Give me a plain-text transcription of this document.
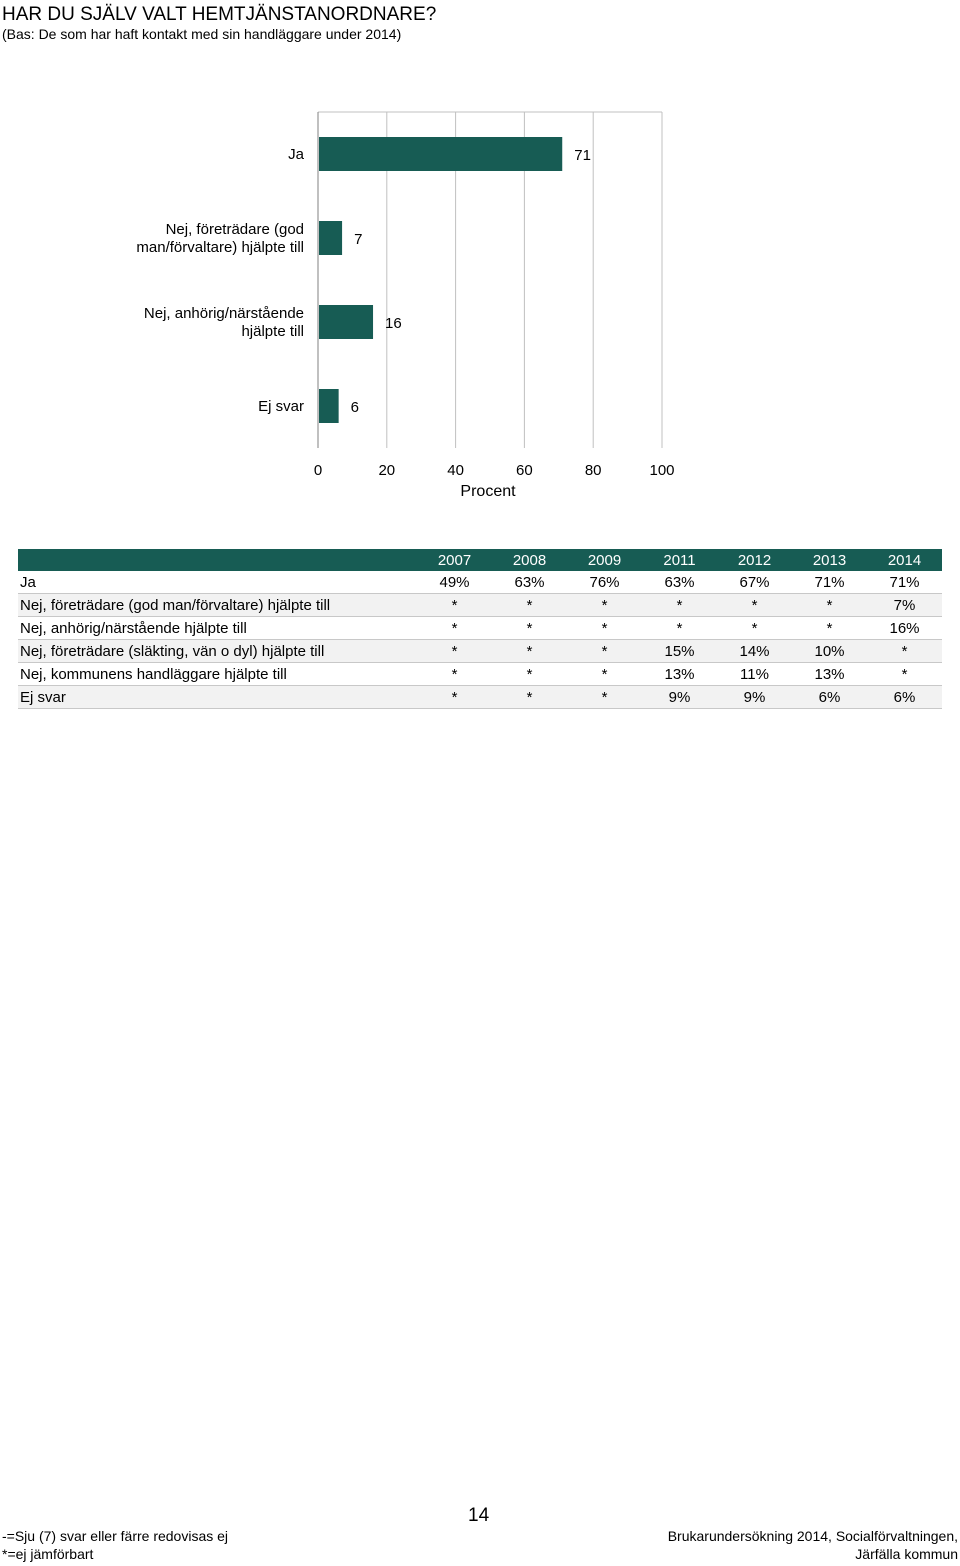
HAR DU SJÄLV VALT HEMTJÄNSTANORDNARE?
(Bas: De som har haft kontakt med sin handläggare under 2014)
71
Ja
7
Nej, företrädare (god
man/förvaltare) hjälpte till
16
Nej, anhörig/närstående
hjälpte till
6
Ej svar
0	20	40	60	80	100
Procent
	2007	2008	2009	2011	2012	2013	2014
Ja	49%	63%	76%	63%	67%	71%	71%
Nej, företrädare (god man/förvaltare) hjälpte till	*	*	*	*	*	*	7%
Nej, anhörig/närstående hjälpte till	*	*	*	*	*	*	16%
Nej, företrädare (släkting, vän o dyl) hjälpte till	*	*	*	15%	14%	10%	*
Nej, kommunens handläggare hjälpte till	*	*	*	13%	11%	13%	*
Ej svar	*	*	*	9%	9%	6%	6%
14
-=Sju (7) svar eller färre redovisas ej
*=ej jämförbart
Brukarundersökning 2014, Socialförvaltningen,
Järfälla kommun
